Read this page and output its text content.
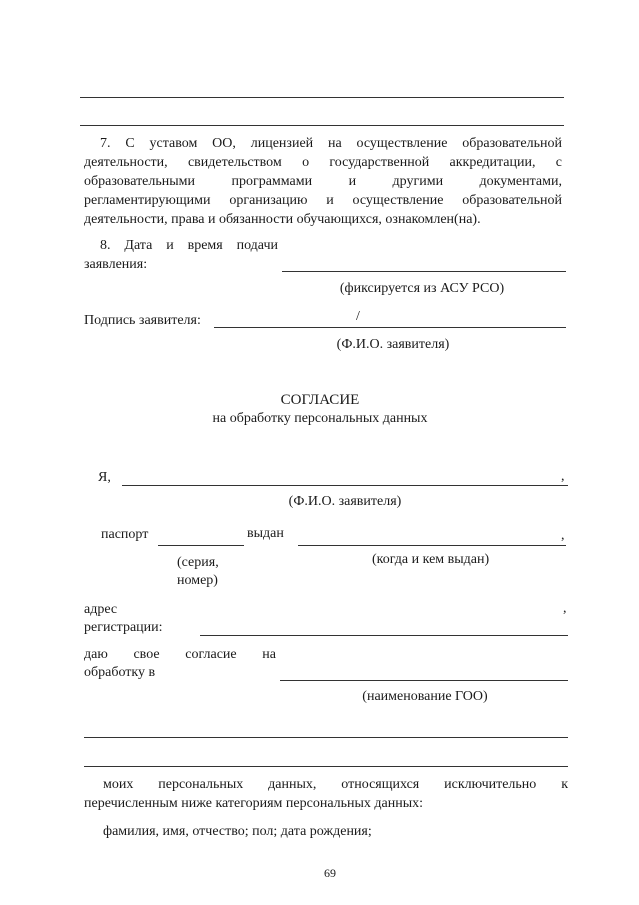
7. С уставом ОО, лицензией на осуществление образовательной
деятельности, свидетельством о государственной аккредитации, с
образовательными программами и другими документами,
регламентирующими организацию и осуществление образовательной
деятельности, права и обязанности обучающихся, ознакомлен(на).
8. Дата и время подачи
заявления:
(фиксируется из АСУ РСО)
Подпись заявителя:	/
(Ф.И.О. заявителя)
СОГЛАСИЕ
на обработку персональных данных
Я,	,
(Ф.И.О. заявителя)
паспорт	выдан	,
(серия,
номер)
(когда и кем выдан)
адрес
регистрации:
,
даю свое согласие на
обработку в
(наименование ГОО)
моих персональных данных, относящихся исключительно к
перечисленным ниже категориям персональных данных:
фамилия, имя, отчество; пол; дата рождения;
69
